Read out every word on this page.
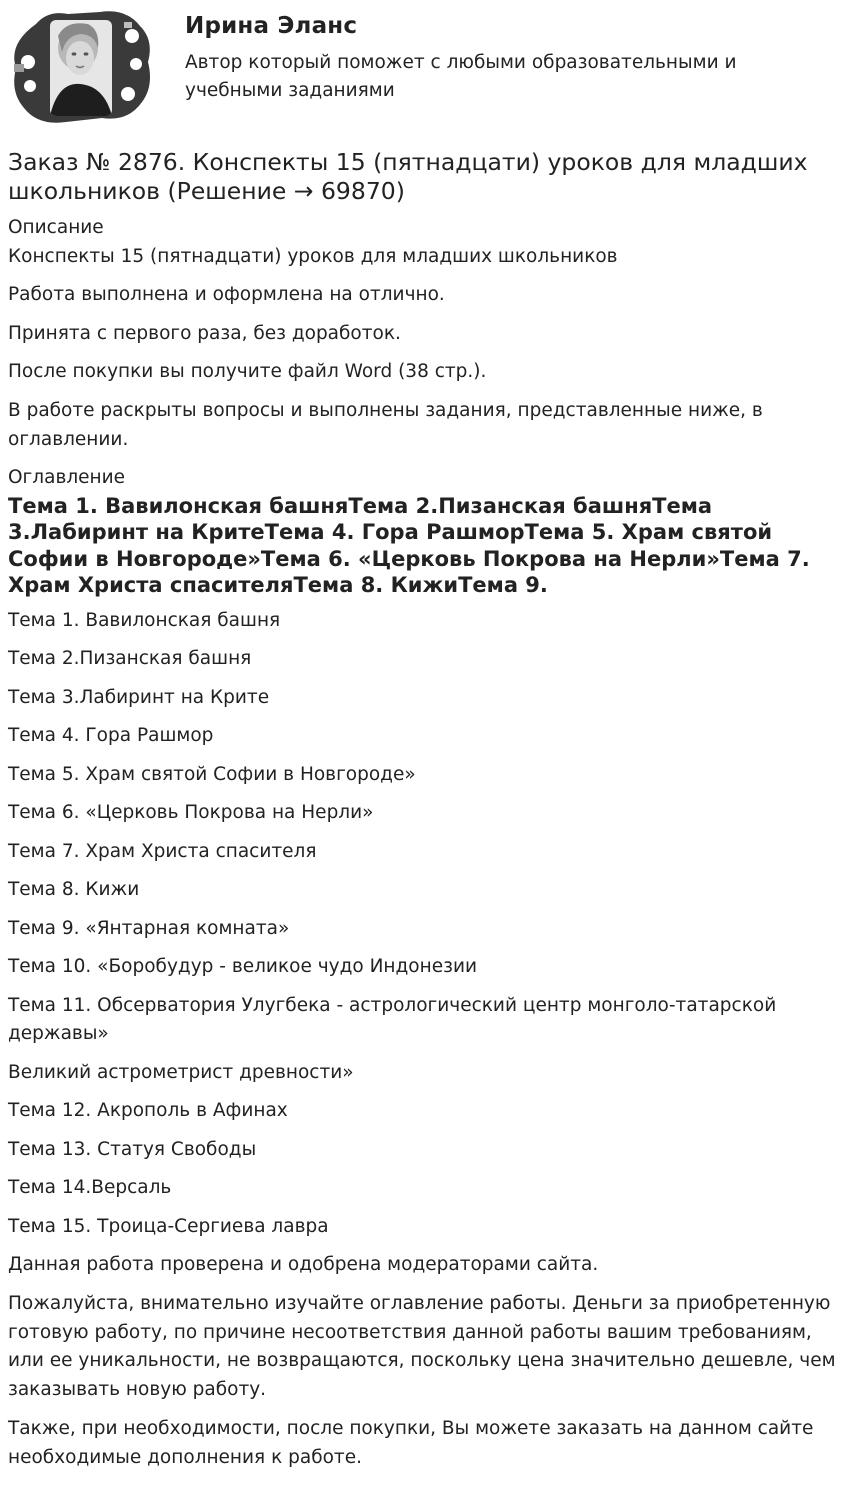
Ирина Эланс

Автор который поможет с любыми образовательными и учебными заданиями

Заказ № 2876. Конспекты 15 (пятнадцати) уроков для младших школьников (Решение → 69870)

Описание

Конспекты 15 (пятнадцати) уроков для младших школьников

Работа выполнена и оформлена на отлично.

Принята с первого раза, без доработок.

После покупки вы получите файл Word (38 стр.).

В работе раскрыты вопросы и выполнены задания, представленные ниже, в оглавлении.

Оглавление

Тема 1. Вавилонская башняТема 2.Пизанская башняТема 3.Лабиринт на КритеТема 4. Гора РашморТема 5. Храм святой Софии в Новгороде»Тема 6. «Церковь Покрова на Нерли»Тема 7. Храм Христа спасителяТема 8. КижиТема 9.

Тема 1. Вавилонская башня

Тема 2.Пизанская башня

Тема 3.Лабиринт на Крите

Тема 4. Гора Рашмор

Тема 5. Храм святой Софии в Новгороде»

Тема 6. «Церковь Покрова на Нерли»

Тема 7. Храм Христа спасителя

Тема 8. Кижи

Тема 9. «Янтарная комната»

Тема 10. «Боробудур - великое чудо Индонезии

Тема 11. Обсерватория Улугбека - астрологический центр монголо-татарской державы»

Великий астрометрист древности»

Тема 12. Акрополь в Афинах

Тема 13. Статуя Свободы

Тема 14.Версаль

Тема 15. Троица-Сергиева лавра

Данная работа проверена и одобрена модераторами сайта.

Пожалуйста, внимательно изучайте оглавление работы. Деньги за приобретенную готовую работу, по причине несоответствия данной работы вашим требованиям, или ее уникальности, не возвращаются, поскольку цена значительно дешевле, чем заказывать новую работу.

Также, при необходимости, после покупки, Вы можете заказать на данном сайте необходимые дополнения к работе.
